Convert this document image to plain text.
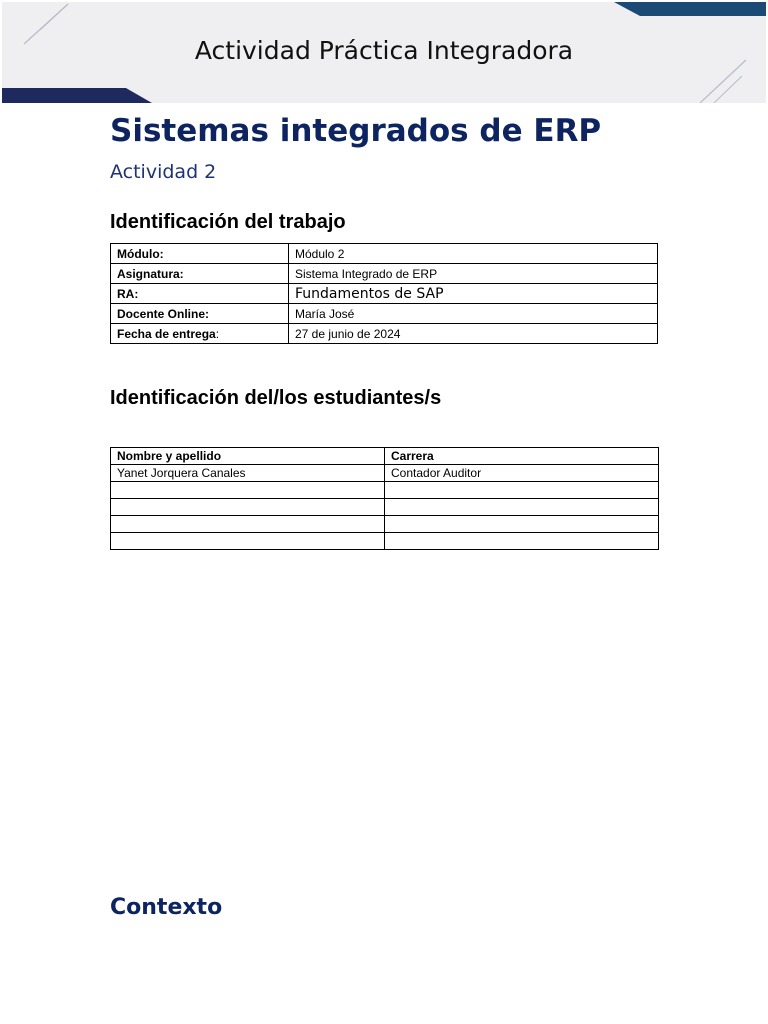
Actividad Práctica Integradora
Sistemas integrados de ERP
Actividad 2
Identificación del trabajo
Módulo:	Módulo 2
Asignatura:	Sistema Integrado de ERP
RA:	Fundamentos de SAP
Docente Online:	María José
Fecha de entrega:	27 de junio de 2024
Identificación del/los estudiantes/s
Nombre y apellido	Carrera
Yanet Jorquera Canales	Contador Auditor

Contexto
